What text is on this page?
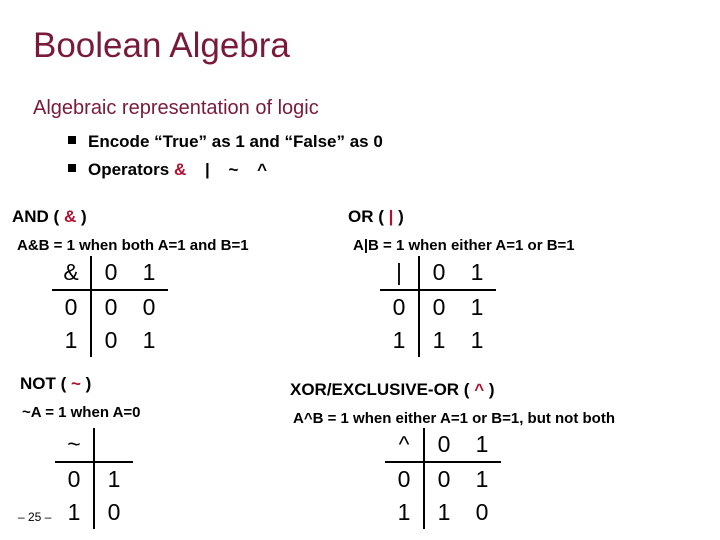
Boolean Algebra
Algebraic representation of logic
Encode “True” as 1 and “False” as 0
Operators & | ~ ^
AND ( & )
A&B = 1 when both A=1 and B=1
&	0	1
0	0	0
1	0	1
OR ( | )
A|B = 1 when either A=1 or B=1
|	0	1
0	0	1
1	1	1
NOT ( ~ )
~A = 1 when A=0
~	
0	1
1	0
XOR/EXCLUSIVE-OR ( ^ )
A^B = 1 when either A=1 or B=1, but not both
^	0	1
0	0	1
1	1	0
– 25 –
